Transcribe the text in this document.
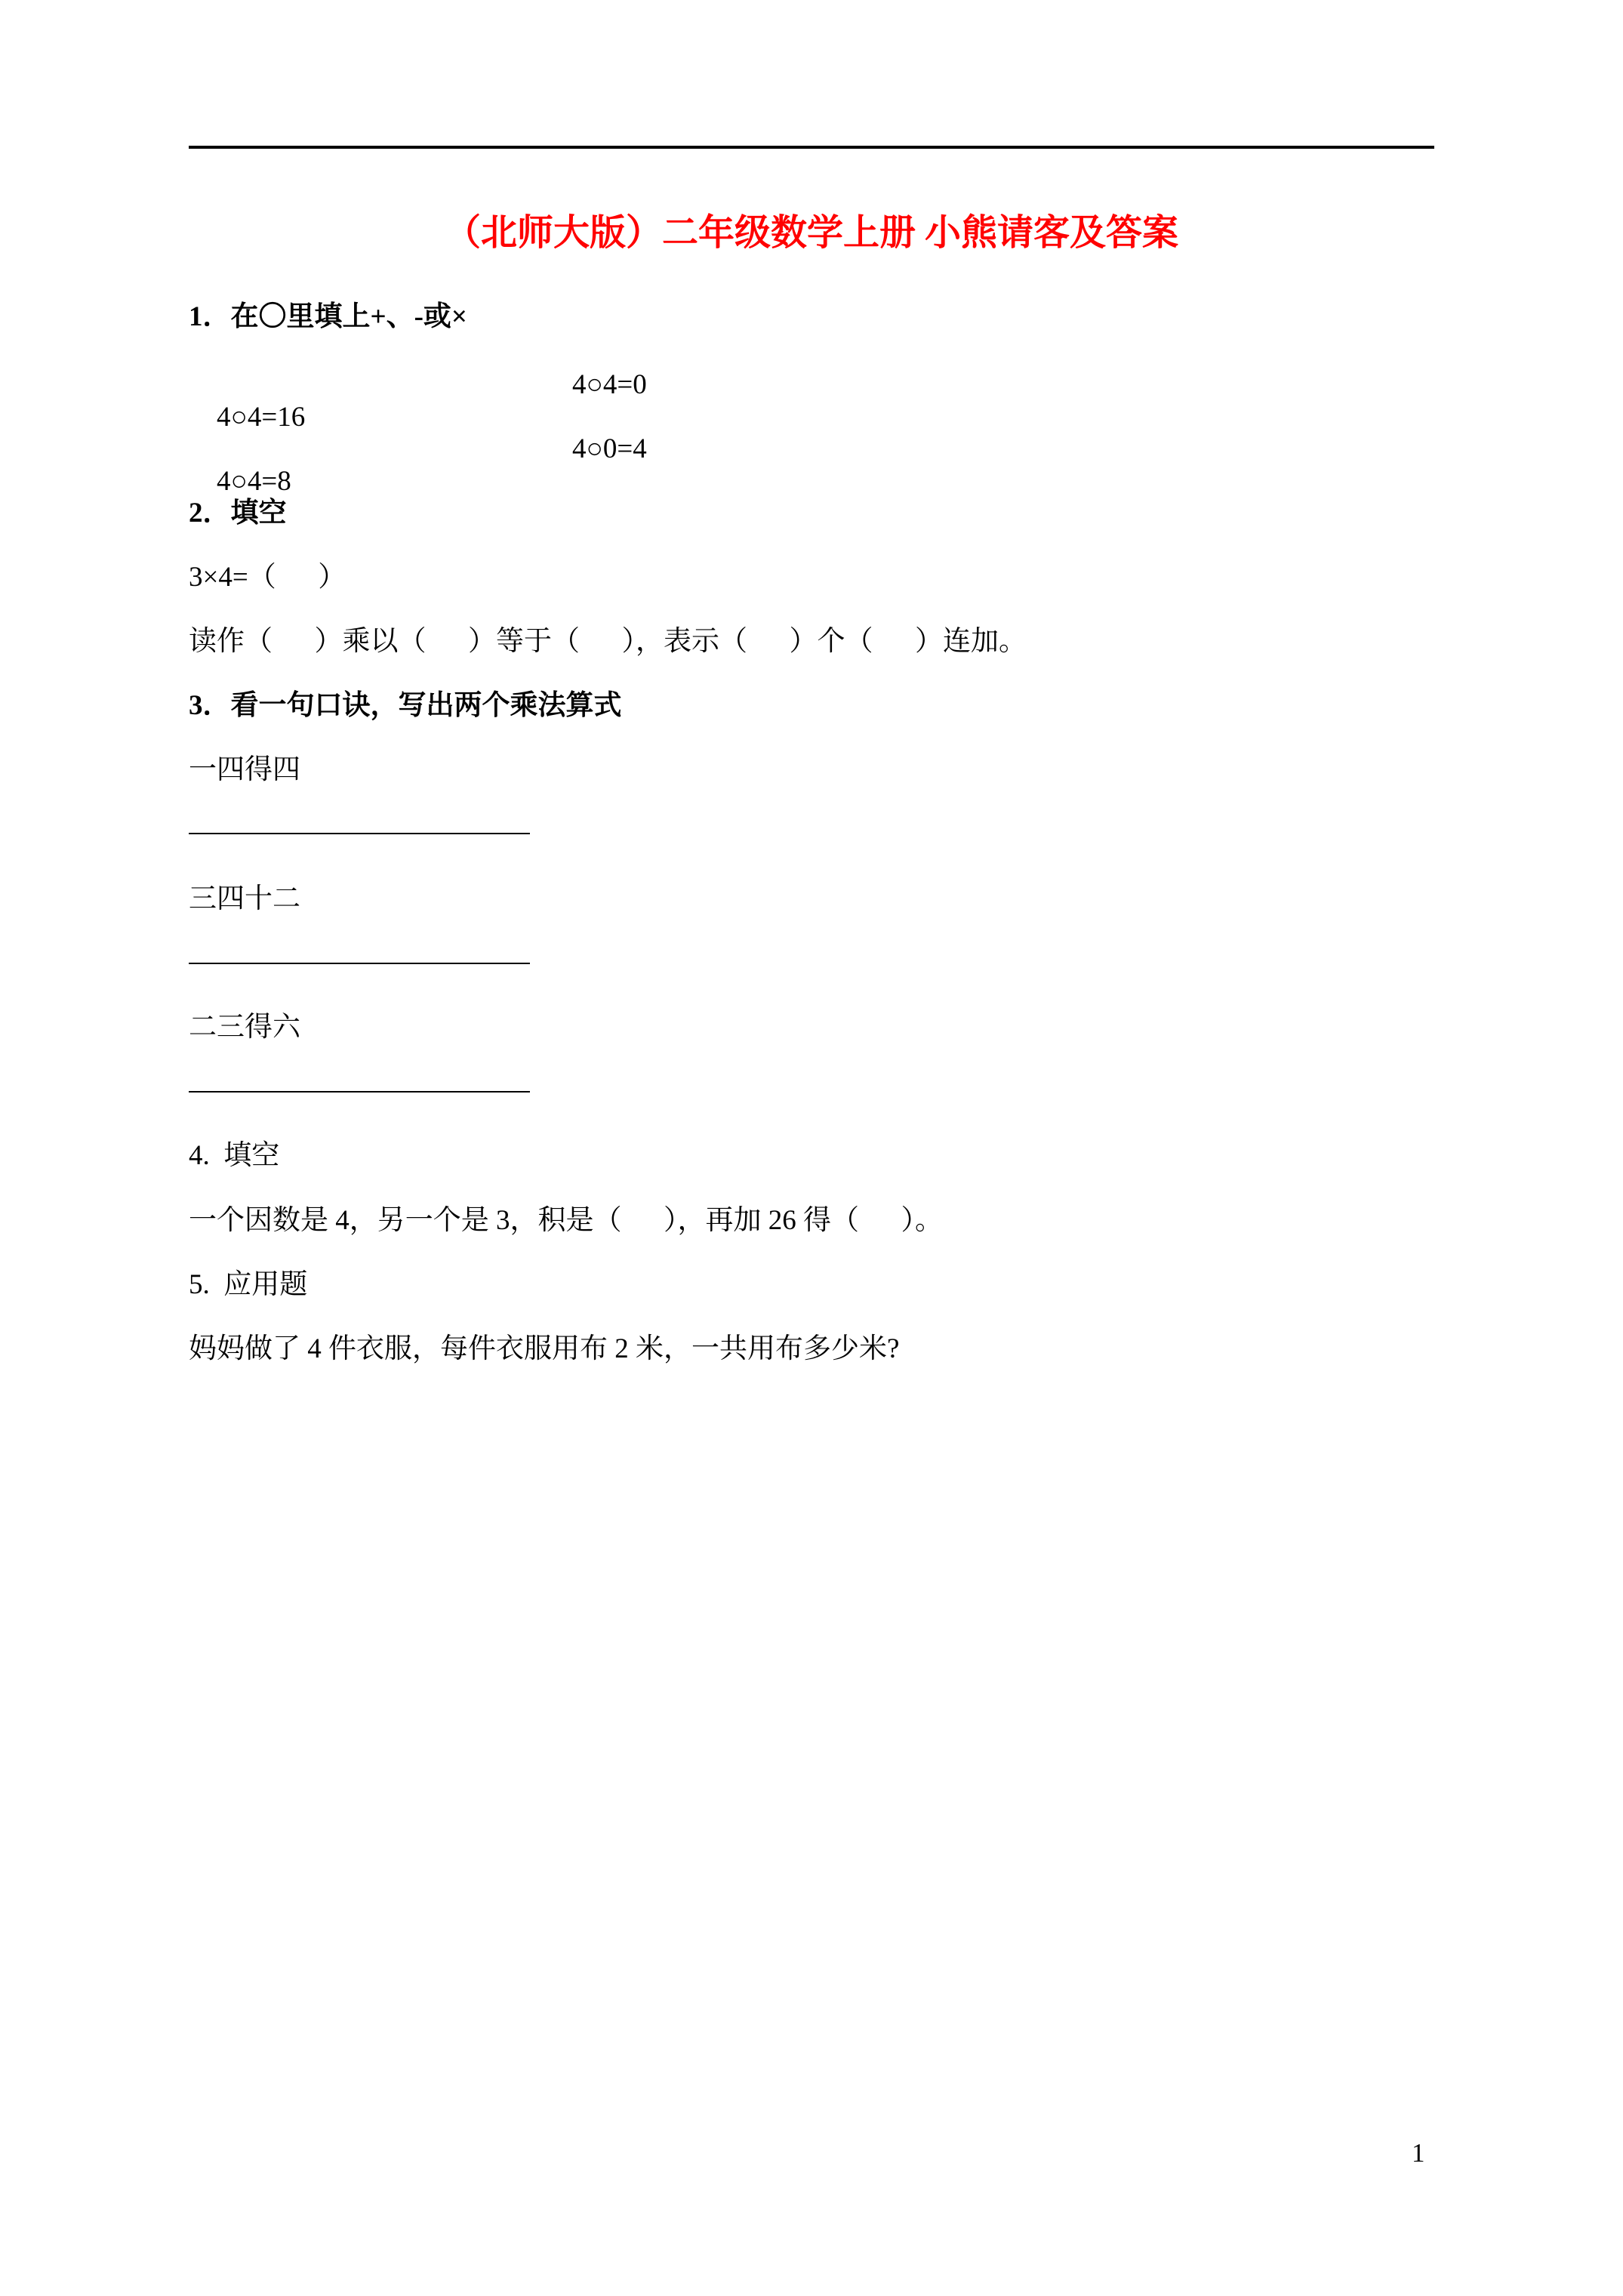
（北师大版）二年级数学上册 小熊请客及答案
1．在〇里填上+、-或×

4○4=16

4○4=0

4○4=8

4○0=4

2．填空
3×4=（      ）
读作（      ）乘以（      ）等于（      ），表示（      ）个（      ）连加。
3．看一句口诀，写出两个乘法算式
一四得四
三四十二
二三得六
4.  填空
一个因数是 4，另一个是 3，积是（      ），再加 26 得（      ）。
5.  应用题
妈妈做了 4 件衣服，每件衣服用布 2 米，一共用布多少米?
1
